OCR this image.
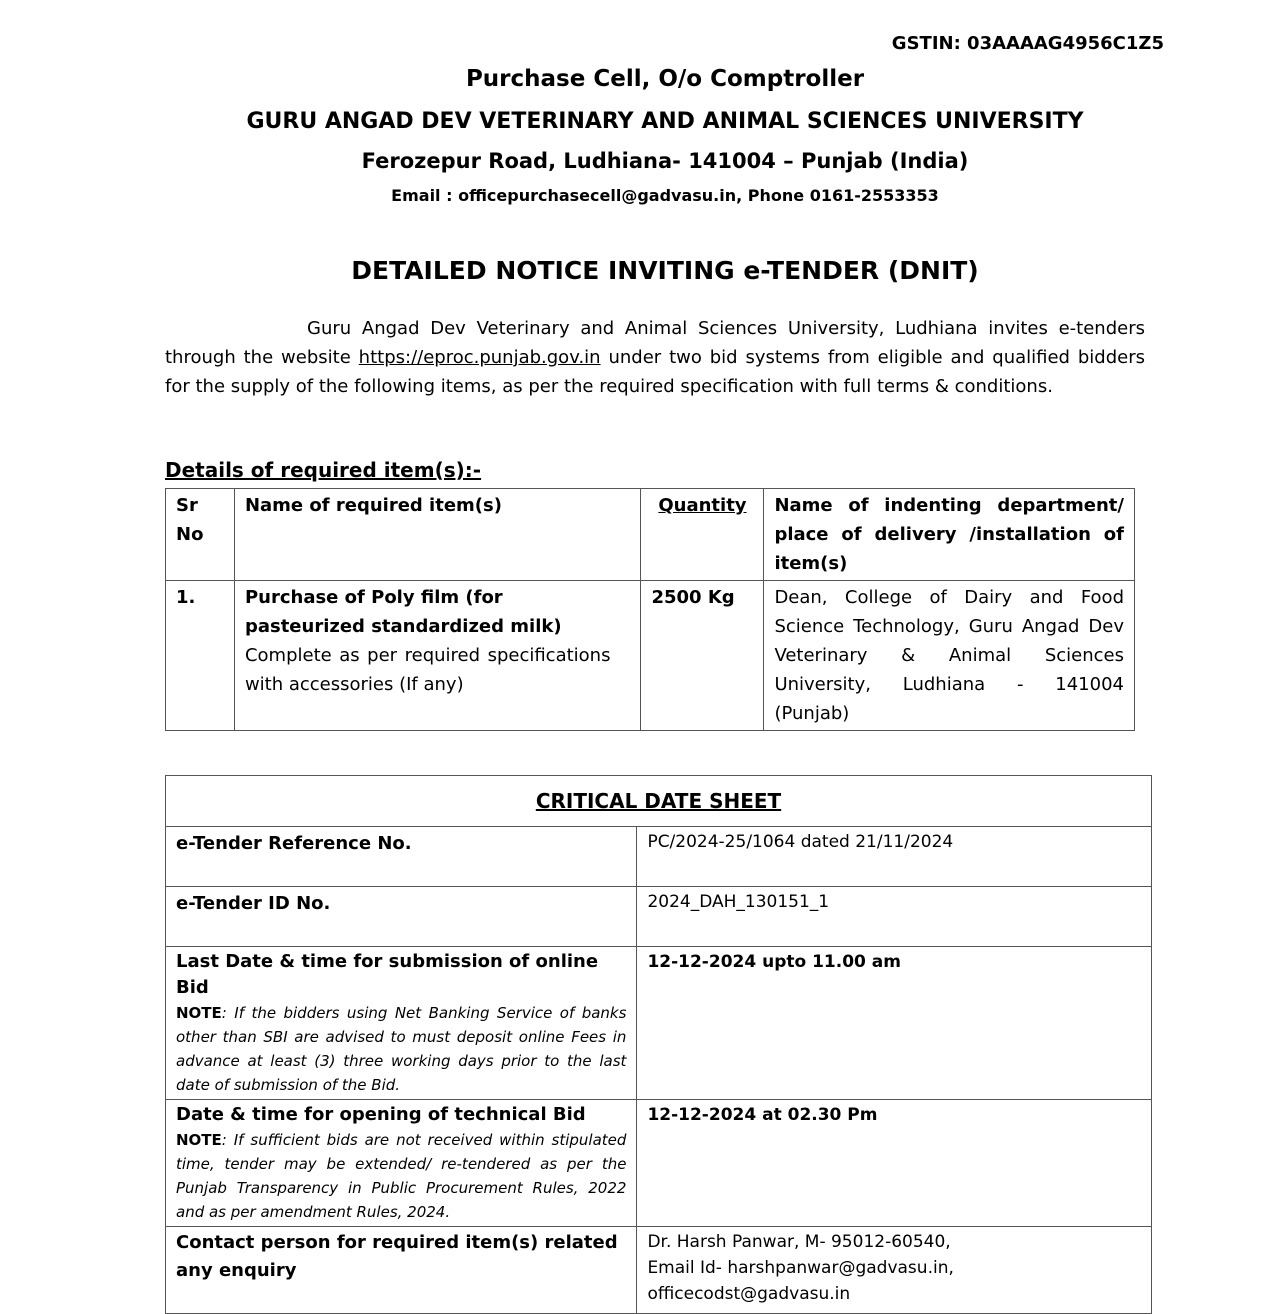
GSTIN: 03AAAAG4956C1Z5
Purchase Cell, O/o Comptroller
GURU ANGAD DEV VETERINARY AND ANIMAL SCIENCES UNIVERSITY
Ferozepur Road, Ludhiana- 141004 – Punjab (India)
Email : officepurchasecell@gadvasu.in, Phone 0161-2553353
DETAILED NOTICE INVITING e-TENDER (DNIT)
Guru Angad Dev Veterinary and Animal Sciences University, Ludhiana invites e-tenders through the website https://eproc.punjab.gov.in under two bid systems from eligible and qualified bidders for the supply of the following items, as per the required specification with full terms & conditions.
Details of required item(s):-
Sr No	Name of required item(s)	Quantity	Name of indenting department/ place of delivery /installation of item(s)
1.	Purchase of Poly film (for pasteurized standardized milk)
Complete as per required specifications with accessories (If any)	2500 Kg	Dean, College of Dairy and Food Science Technology, Guru Angad Dev Veterinary & Animal Sciences University, Ludhiana - 141004 (Punjab)
CRITICAL DATE SHEET	

e-Tender Reference No.	PC/2024-25/1064 dated 21/11/2024

e-Tender ID No.	2024_DAH_130151_1

Last Date & time for submission of online Bid
NOTE: If the bidders using Net Banking Service of banks other than SBI are advised to must deposit online Fees in advance at least (3) three working days prior to the last date of submission of the Bid.	12-12-2024 upto 11.00 am

Date & time for opening of technical Bid
NOTE: If sufficient bids are not received within stipulated time, tender may be extended/ re-tendered as per the Punjab Transparency in Public Procurement Rules, 2022 and as per amendment Rules, 2024.	12-12-2024 at 02.30 Pm

Contact person for required item(s) related any enquiry	Dr. Harsh Panwar, M- 95012-60540,
Email Id- harshpanwar@gadvasu.in,
officecodst@gadvasu.in
